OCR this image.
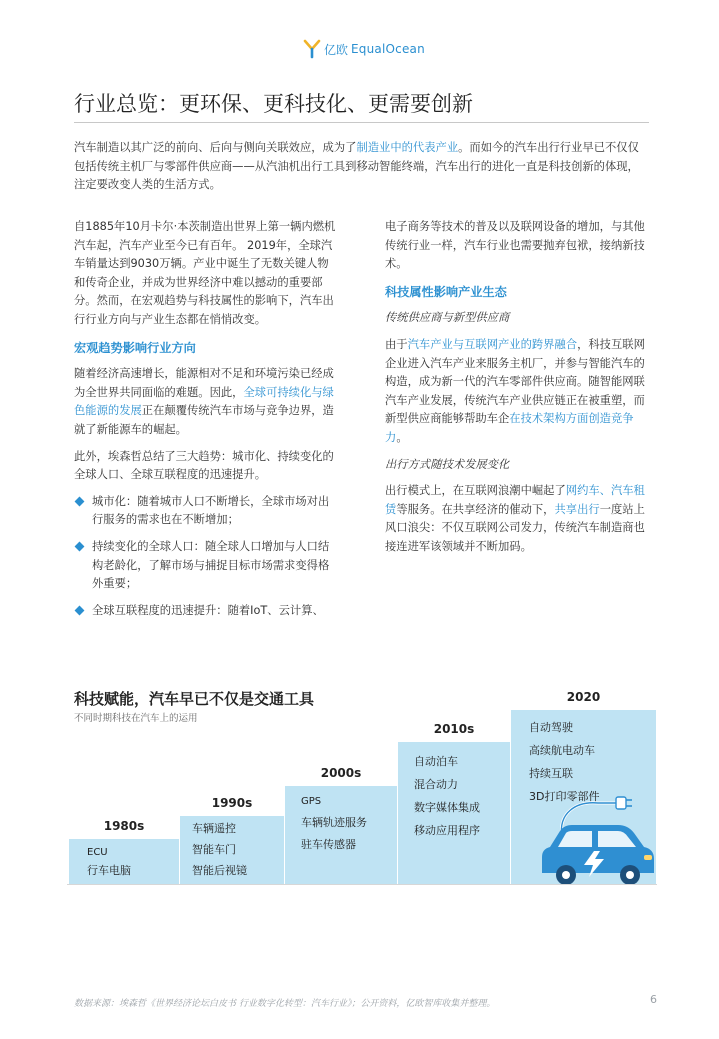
亿欧 EqualOcean
行业总览：更环保、更科技化、更需要创新
汽车制造以其广泛的前向、后向与侧向关联效应，成为了制造业中的代表产业。而如今的汽车出行行业早已不仅仅包括传统主机厂与零部件供应商——从汽油机出行工具到移动智能终端，汽车出行的进化一直是科技创新的体现，注定要改变人类的生活方式。

自1885年10月卡尔·本茨制造出世界上第一辆内燃机汽车起，汽车产业至今已有百年。 2019年，全球汽车销量达到9030万辆。产业中诞生了无数关键人物和传奇企业，并成为世界经济中难以撼动的重要部分。然而，在宏观趋势与科技属性的影响下，汽车出行行业方向与产业生态都在悄悄改变。

宏观趋势影响行业方向

随着经济高速增长，能源相对不足和环境污染已经成为全世界共同面临的难题。因此，全球可持续化与绿色能源的发展正在颠覆传统汽车市场与竞争边界，造就了新能源车的崛起。

此外，埃森哲总结了三大趋势：城市化、持续变化的全球人口、全球互联程度的迅速提升。

城市化：随着城市人口不断增长，全球市场对出行服务的需求也在不断增加；
持续变化的全球人口：随全球人口增加与人口结构老龄化，了解市场与捕捉目标市场需求变得格外重要；
全球互联程度的迅速提升：随着IoT、云计算、

电子商务等技术的普及以及联网设备的增加，与其他传统行业一样，汽车行业也需要抛弃包袱，接纳新技术。

科技属性影响产业生态
传统供应商与新型供应商

由于汽车产业与互联网产业的跨界融合，科技互联网企业进入汽车产业来服务主机厂，并参与智能汽车的构造，成为新一代的汽车零部件供应商。随智能网联汽车产业发展，传统汽车产业供应链正在被重塑，而新型供应商能够帮助车企在技术架构方面创造竞争力。

出行方式随技术发展变化

出行模式上，在互联网浪潮中崛起了网约车、汽车租赁等服务。在共享经济的催动下，共享出行一度站上风口浪尖：不仅互联网公司发力，传统汽车制造商也接连进军该领域并不断加码。

科技赋能，汽车早已不仅是交通工具
不同时期科技在汽车上的运用
1980s
ECU
行车电脑
1990s
车辆遥控
智能车门
智能后视镜
2000s
GPS
车辆轨迹服务
驻车传感器
2010s
自动泊车
混合动力
数字媒体集成
移动应用程序
2020
自动驾驶
高续航电动车
持续互联
3D打印零部件
数据来源：埃森哲《世界经济论坛白皮书 行业数字化转型：汽车行业》；公开资料，亿欧智库收集并整理。	6
